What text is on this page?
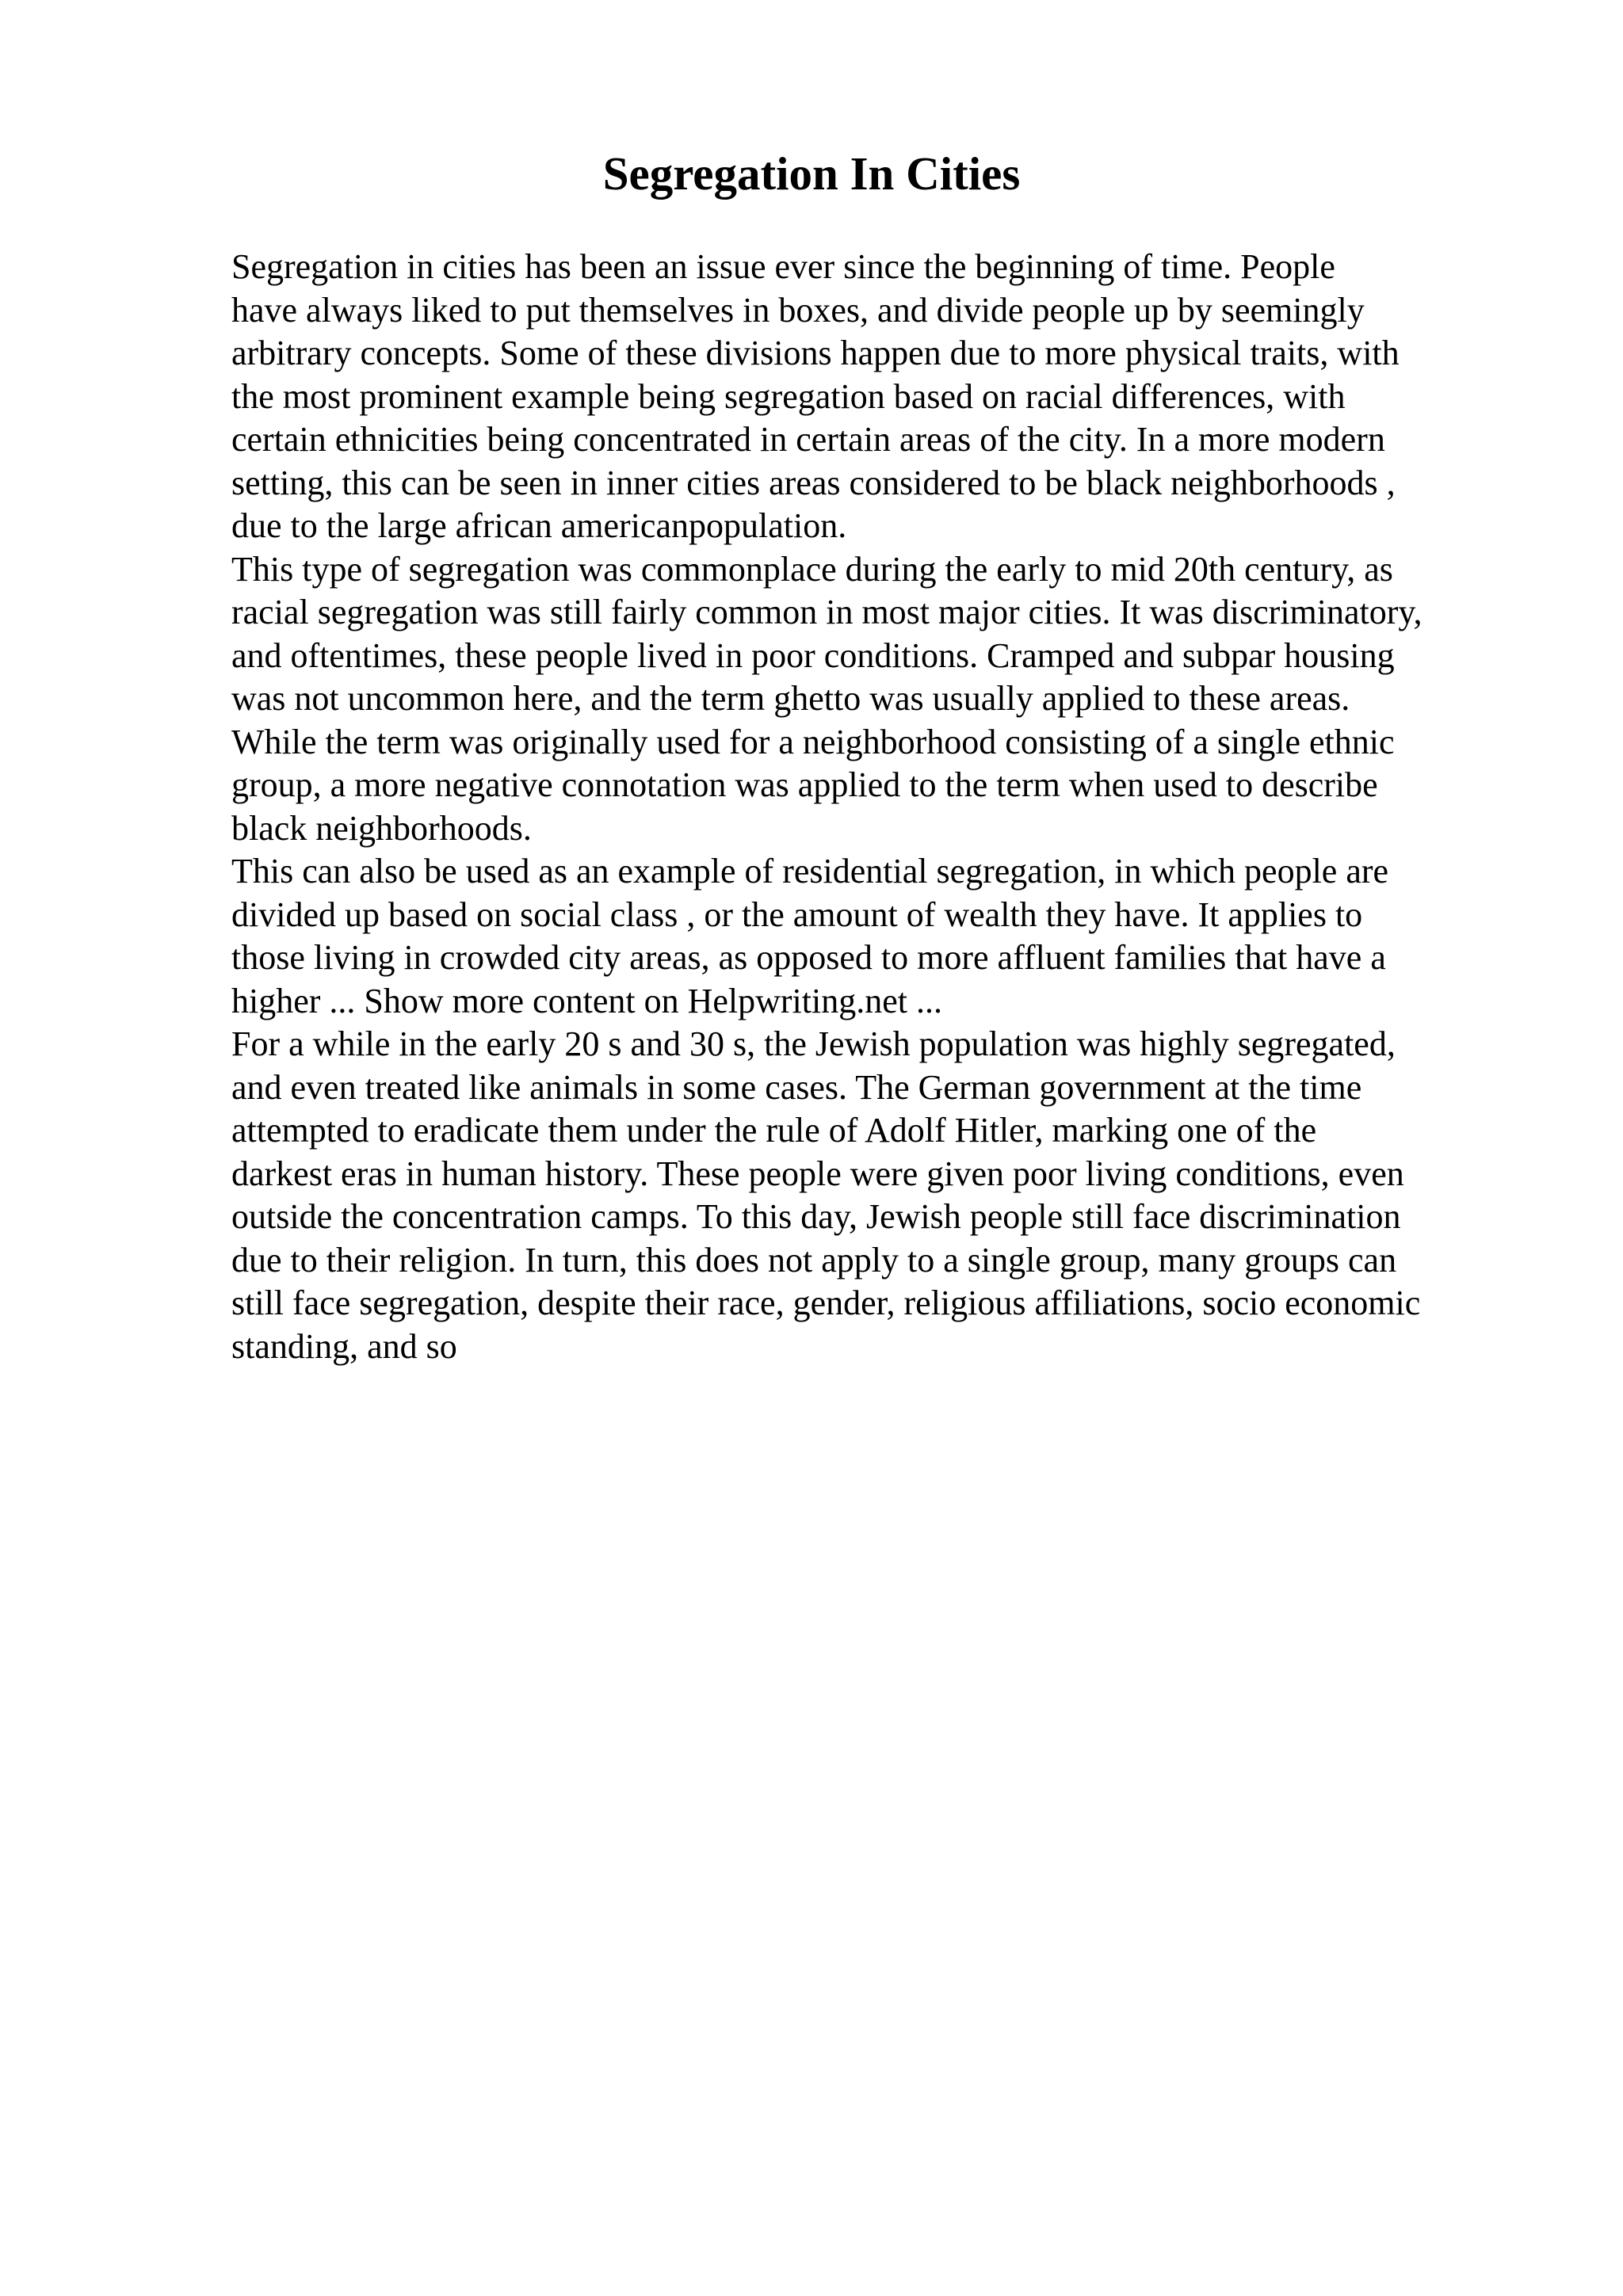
Segregation In Cities
Segregation in cities has been an issue ever since the beginning of time. People
have always liked to put themselves in boxes, and divide people up by seemingly
arbitrary concepts. Some of these divisions happen due to more physical traits, with
the most prominent example being segregation based on racial differences, with
certain ethnicities being concentrated in certain areas of the city. In a more modern
setting, this can be seen in inner cities areas considered to be black neighborhoods ,
due to the large african americanpopulation.
This type of segregation was commonplace during the early to mid 20th century, as
racial segregation was still fairly common in most major cities. It was discriminatory,
and oftentimes, these people lived in poor conditions. Cramped and subpar housing
was not uncommon here, and the term ghetto was usually applied to these areas.
While the term was originally used for a neighborhood consisting of a single ethnic
group, a more negative connotation was applied to the term when used to describe
black neighborhoods.
This can also be used as an example of residential segregation, in which people are
divided up based on social class , or the amount of wealth they have. It applies to
those living in crowded city areas, as opposed to more affluent families that have a
higher ... Show more content on Helpwriting.net ...
For a while in the early 20 s and 30 s, the Jewish population was highly segregated,
and even treated like animals in some cases. The German government at the time
attempted to eradicate them under the rule of Adolf Hitler, marking one of the
darkest eras in human history. These people were given poor living conditions, even
outside the concentration camps. To this day, Jewish people still face discrimination
due to their religion. In turn, this does not apply to a single group, many groups can
still face segregation, despite their race, gender, religious affiliations, socio economic
standing, and so
